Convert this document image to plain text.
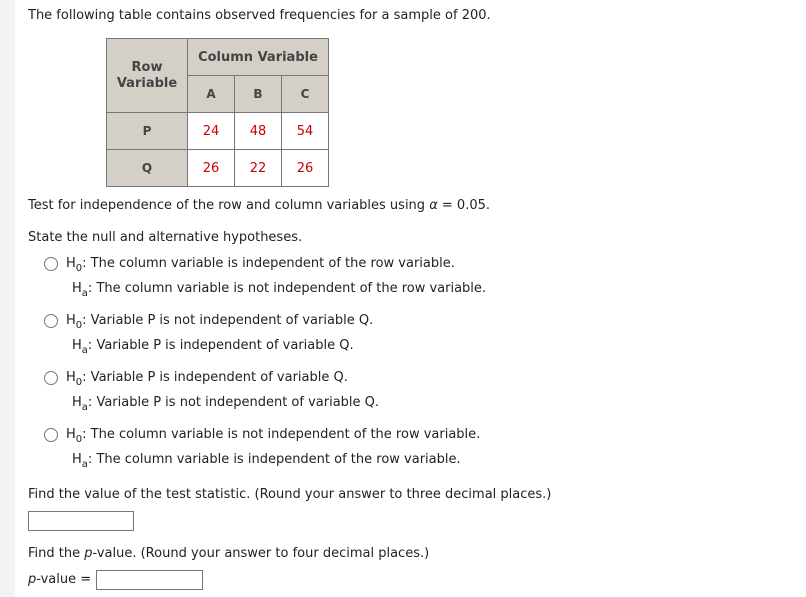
The following table contains observed frequencies for a sample of 200.
Row Variable	Column Variable		
	A	B	C
P	24	48	54
Q	26	22	26
Test for independence of the row and column variables using α = 0.05.
State the null and alternative hypotheses.
$H_0$: The column variable is independent of the row variable.
$H_a$: The column variable is not independent of the row variable.
$H_0$: Variable P is not independent of variable Q.
$H_a$: Variable P is independent of variable Q.
$H_0$: Variable P is independent of variable Q.
$H_a$: Variable P is not independent of variable Q.
$H_0$: The column variable is not independent of the row variable.
$H_a$: The column variable is independent of the row variable.
Find the value of the test statistic. (Round your answer to three decimal places.)
Find the p-value. (Round your answer to four decimal places.)
p-value =
